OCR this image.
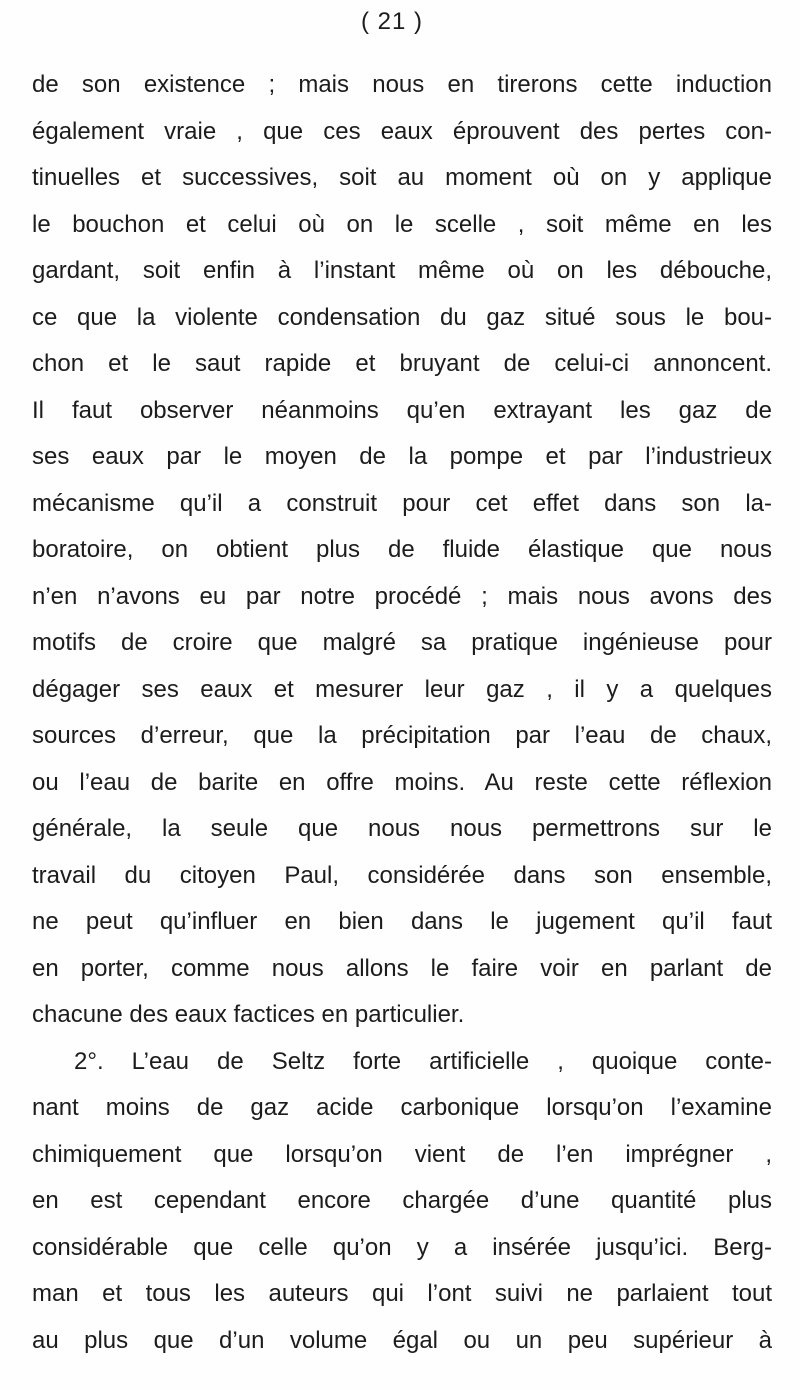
( 21 )
de son existence ; mais nous en tirerons cette induction
également vraie , que ces eaux éprouvent des pertes con-
tinuelles et successives, soit au moment où on y applique
le bouchon et celui où on le scelle , soit même en les
gardant, soit enfin à l’instant même où on les débouche,
ce que la violente condensation du gaz situé sous le bou-
chon et le saut rapide et bruyant de celui-ci annoncent.
Il faut observer néanmoins qu’en extrayant les gaz de
ses eaux par le moyen de la pompe et par l’industrieux
mécanisme qu’il a construit pour cet effet dans son la-
boratoire, on obtient plus de fluide élastique que nous
n’en n’avons eu par notre procédé ; mais nous avons des
motifs de croire que malgré sa pratique ingénieuse pour
dégager ses eaux et mesurer leur gaz , il y a quelques
sources d’erreur, que la précipitation par l’eau de chaux,
ou l’eau de barite en offre moins. Au reste cette réflexion
générale, la seule que nous nous permettrons sur le
travail du citoyen Paul, considérée dans son ensemble,
ne peut qu’influer en bien dans le jugement qu’il faut
en porter, comme nous allons le faire voir en parlant de
chacune des eaux factices en particulier.
2°. L’eau de Seltz forte artificielle , quoique conte-
nant moins de gaz acide carbonique lorsqu’on l’examine
chimiquement que lorsqu’on vient de l’en imprégner ,
en est cependant encore chargée d’une quantité plus
considérable que celle qu’on y a insérée jusqu’ici. Berg-
man et tous les auteurs qui l’ont suivi ne parlaient tout
au plus que d’un volume égal ou un peu supérieur à
